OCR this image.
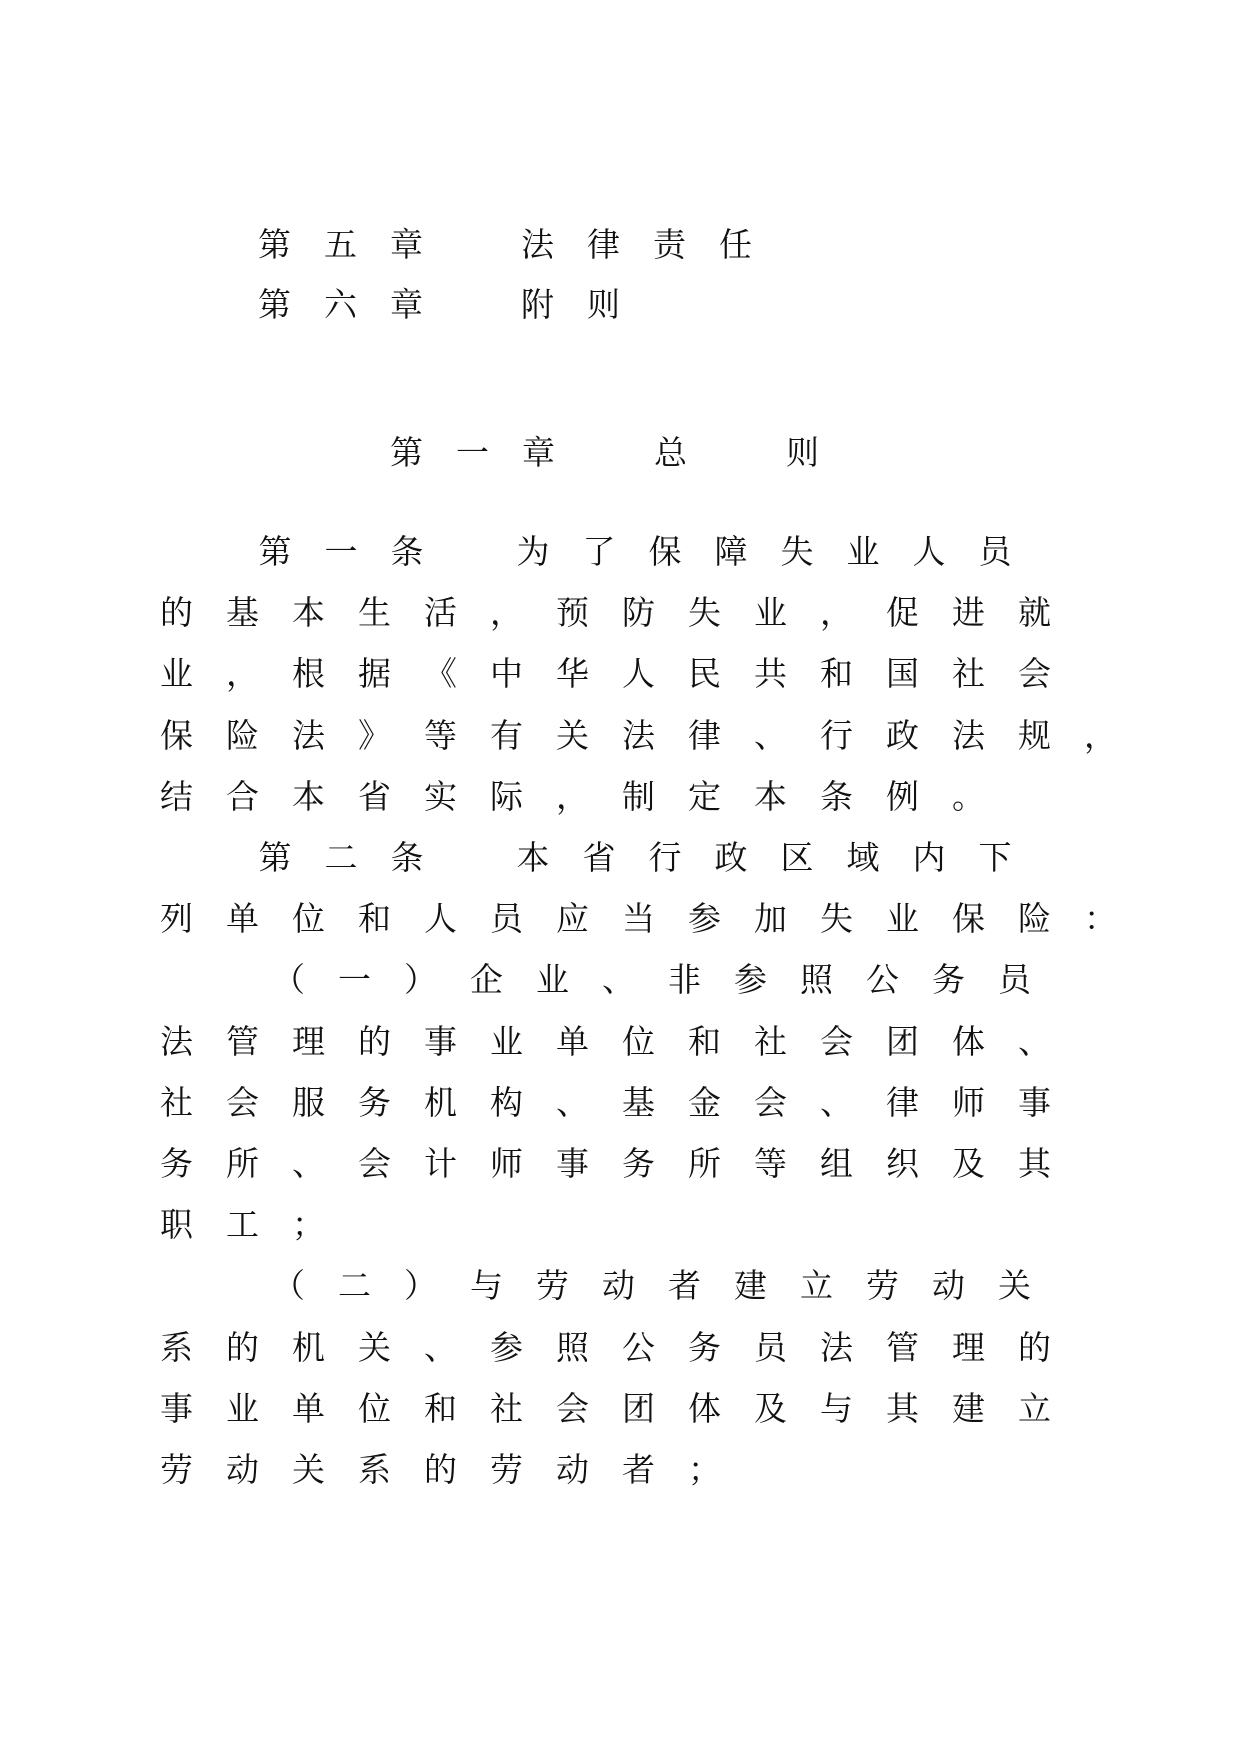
第五章 法律责任
第六章 附则
第一章 总 则
第 一 条	为 了 保 障 失 业 人 员
的基本生活，预防失业，促进就
业，根据《中华人民共和国社会
保险法》等有关法律、行政法规，
结合本省实际，制定本条例。
第 二 条	本 省 行 政 区 域 内 下
列单位和人员应当参加失业保险：
（一）企业、非参照公务员
法管理的事业单位和社会团体、
社会服务机构、基金会、律师事
务所、会计师事务所等组织及其
职工；
（二）与劳动者建立劳动关
系的机关、参照公务员法管理的
事业单位和社会团体及与其建立
劳动关系的劳动者；
